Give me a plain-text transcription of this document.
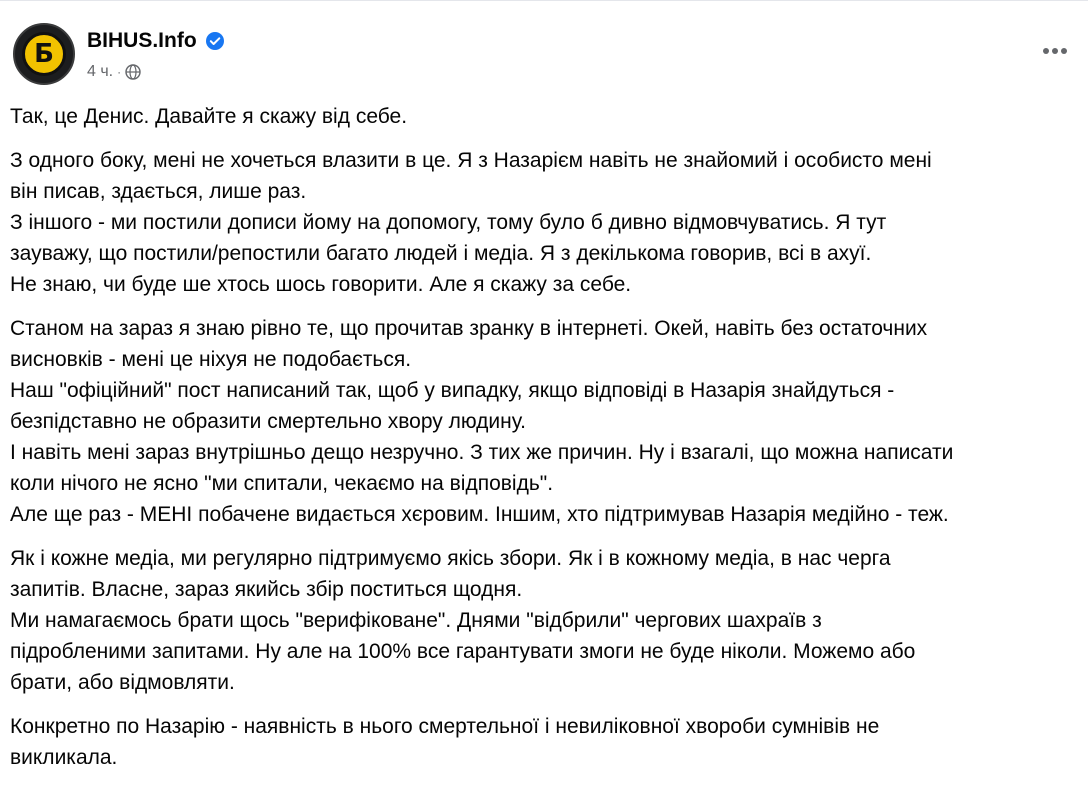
Б BIHUS.Info
4 ч. ·

Так, це Денис. Давайте я скажу від себе.

З одного боку, мені не хочеться влазити в це. Я з Назарієм навіть не знайомий і особисто мені
він писав, здається, лише раз.
З іншого - ми постили дописи йому на допомогу, тому було б дивно відмовчуватись. Я тут
зауважу, що постили/репостили багато людей і медіа. Я з декількома говорив, всі в ахуї.
Не знаю, чи буде ше хтось шось говорити. Але я скажу за себе.

Станом на зараз я знаю рівно те, що прочитав зранку в інтернеті. Окей, навіть без остаточних
висновків - мені це ніхуя не подобається.
Наш "офіційний" пост написаний так, щоб у випадку, якщо відповіді в Назарія знайдуться -
безпідставно не образити смертельно хвору людину.
І навіть мені зараз внутрішньо дещо незручно. З тих же причин. Ну і взагалі, що можна написати
коли нічого не ясно "ми спитали, чекаємо на відповідь".
Але ще раз - МЕНІ побачене видається хєровим. Іншим, хто підтримував Назарія медійно - теж.

Як і кожне медіа, ми регулярно підтримуємо якісь збори. Як і в кожному медіа, в нас черга
запитів. Власне, зараз якийсь збір поститься щодня.
Ми намагаємось брати щось "верифіковане". Днями "відбрили" чергових шахраїв з
підробленими запитами. Ну але на 100% все гарантувати змоги не буде ніколи. Можемо або
брати, або відмовляти.

Конкретно по Назарію - наявність в нього смертельної і невиліковної хвороби сумнівів не
викликала.
